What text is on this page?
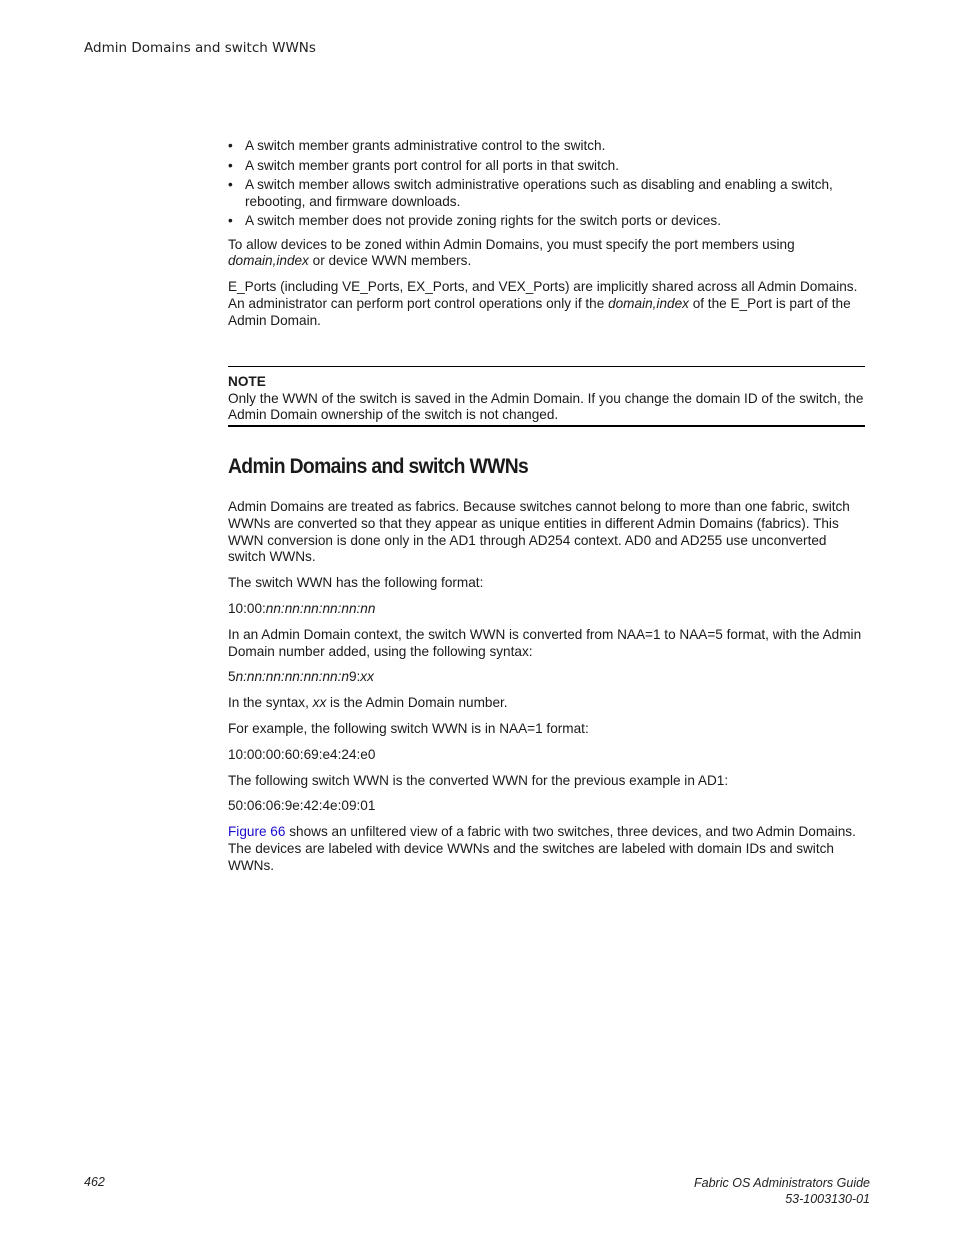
Admin Domains and switch WWNs
• A switch member grants administrative control to the switch.
• A switch member grants port control for all ports in that switch.
• A switch member allows switch administrative operations such as disabling and enabling a switch, rebooting, and firmware downloads.
• A switch member does not provide zoning rights for the switch ports or devices.

To allow devices to be zoned within Admin Domains, you must specify the port members using domain,index or device WWN members.

E_Ports (including VE_Ports, EX_Ports, and VEX_Ports) are implicitly shared across all Admin Domains. An administrator can perform port control operations only if the domain,index of the E_Port is part of the Admin Domain.

NOTE

Only the WWN of the switch is saved in the Admin Domain. If you change the domain ID of the switch, the Admin Domain ownership of the switch is not changed.

Admin Domains and switch WWNs

Admin Domains are treated as fabrics. Because switches cannot belong to more than one fabric, switch WWNs are converted so that they appear as unique entities in different Admin Domains (fabrics). This WWN conversion is done only in the AD1 through AD254 context. AD0 and AD255 use unconverted switch WWNs.

The switch WWN has the following format:

10:00:nn:nn:nn:nn:nn:nn

In an Admin Domain context, the switch WWN is converted from NAA=1 to NAA=5 format, with the Admin Domain number added, using the following syntax:

5n:nn:nn:nn:nn:nn:n9:xx

In the syntax, xx is the Admin Domain number.

For example, the following switch WWN is in NAA=1 format:

10:00:00:60:69:e4:24:e0

The following switch WWN is the converted WWN for the previous example in AD1:

50:06:06:9e:42:4e:09:01

Figure 66 shows an unfiltered view of a fabric with two switches, three devices, and two Admin Domains. The devices are labeled with device WWNs and the switches are labeled with domain IDs and switch WWNs.

462	Fabric OS Administrators Guide
53-1003130-01
